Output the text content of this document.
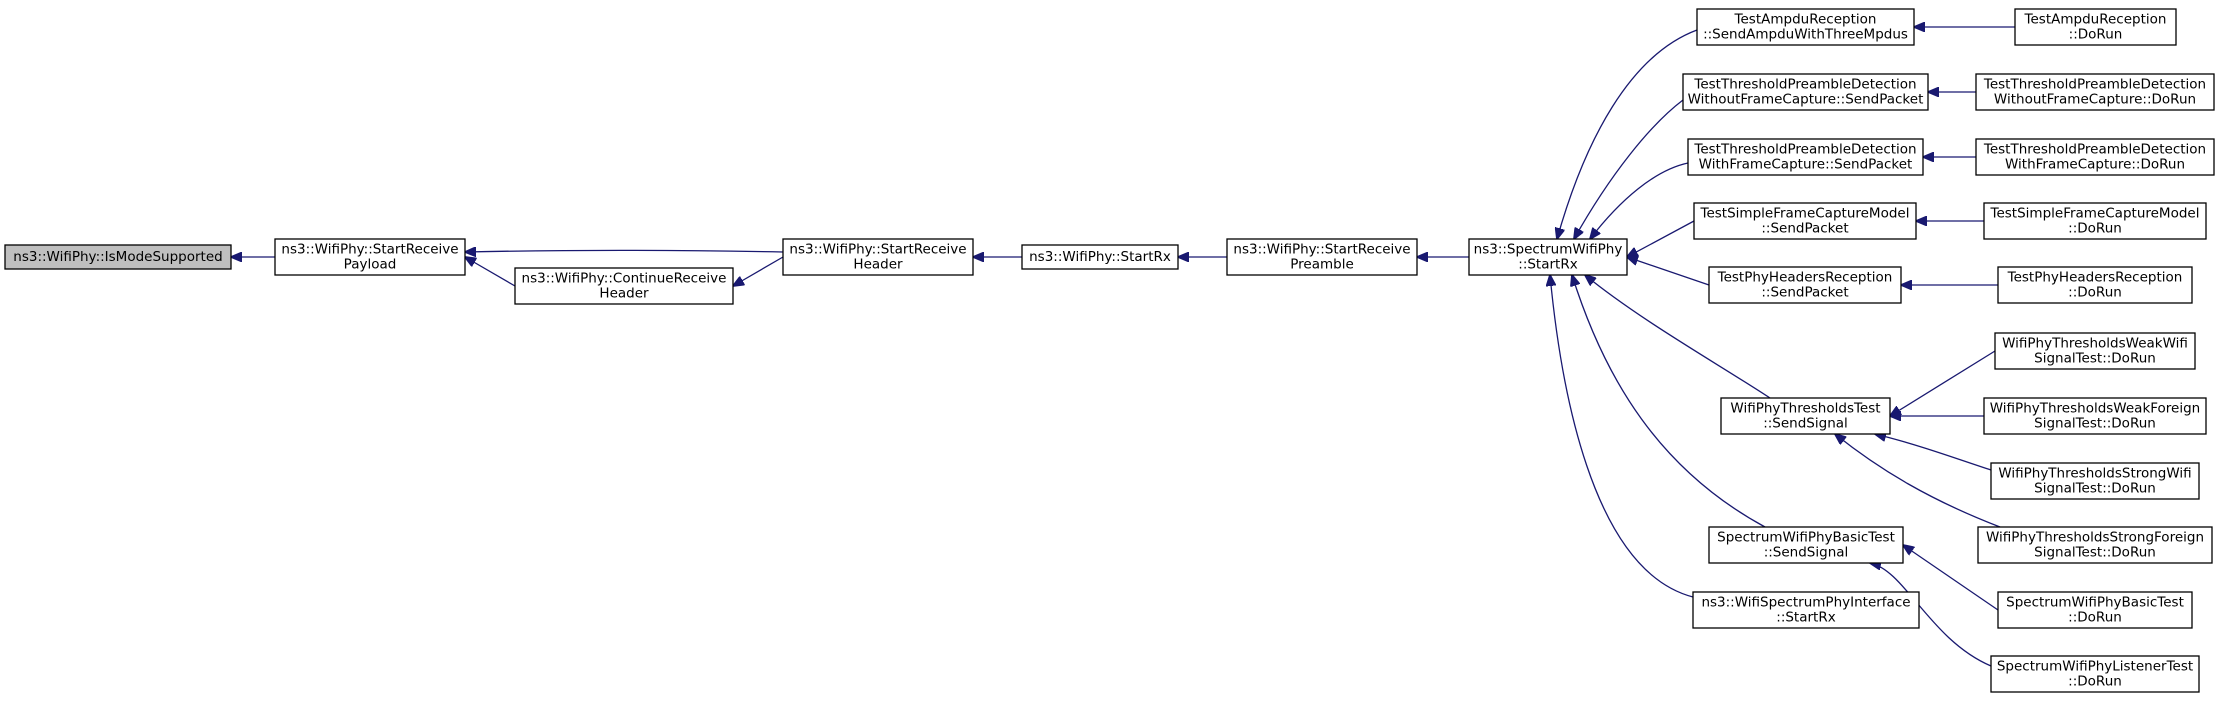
ns3::WifiPhy::IsModeSupported	ns3::WifiPhy::StartReceive
Payload
ns3::WifiPhy::ContinueReceive
Header
ns3::WifiPhy::StartReceive
Header	ns3::WifiPhy::StartRx	ns3::WifiPhy::StartReceive
Preamble
ns3::SpectrumWifiPhy
::StartRx
TestAmpduReception
::SendAmpduWithThreeMpdus
TestAmpduReception
::DoRun
TestThresholdPreambleDetection
WithoutFrameCapture::SendPacket
TestThresholdPreambleDetection
WithoutFrameCapture::DoRun
TestThresholdPreambleDetection
WithFrameCapture::SendPacket
TestThresholdPreambleDetection
WithFrameCapture::DoRun
TestSimpleFrameCaptureModel
::SendPacket
TestSimpleFrameCaptureModel
::DoRun
TestPhyHeadersReception
::SendPacket
TestPhyHeadersReception
::DoRun
WifiPhyThresholdsTest
::SendSignal
WifiPhyThresholdsWeakWifi
SignalTest::DoRun
WifiPhyThresholdsWeakForeign
SignalTest::DoRun
WifiPhyThresholdsStrongWifi
SignalTest::DoRun
WifiPhyThresholdsStrongForeign
SignalTest::DoRun
SpectrumWifiPhyBasicTest
::SendSignal
SpectrumWifiPhyBasicTest
::DoRun
SpectrumWifiPhyListenerTest
::DoRun
ns3::WifiSpectrumPhyInterface
::StartRx
